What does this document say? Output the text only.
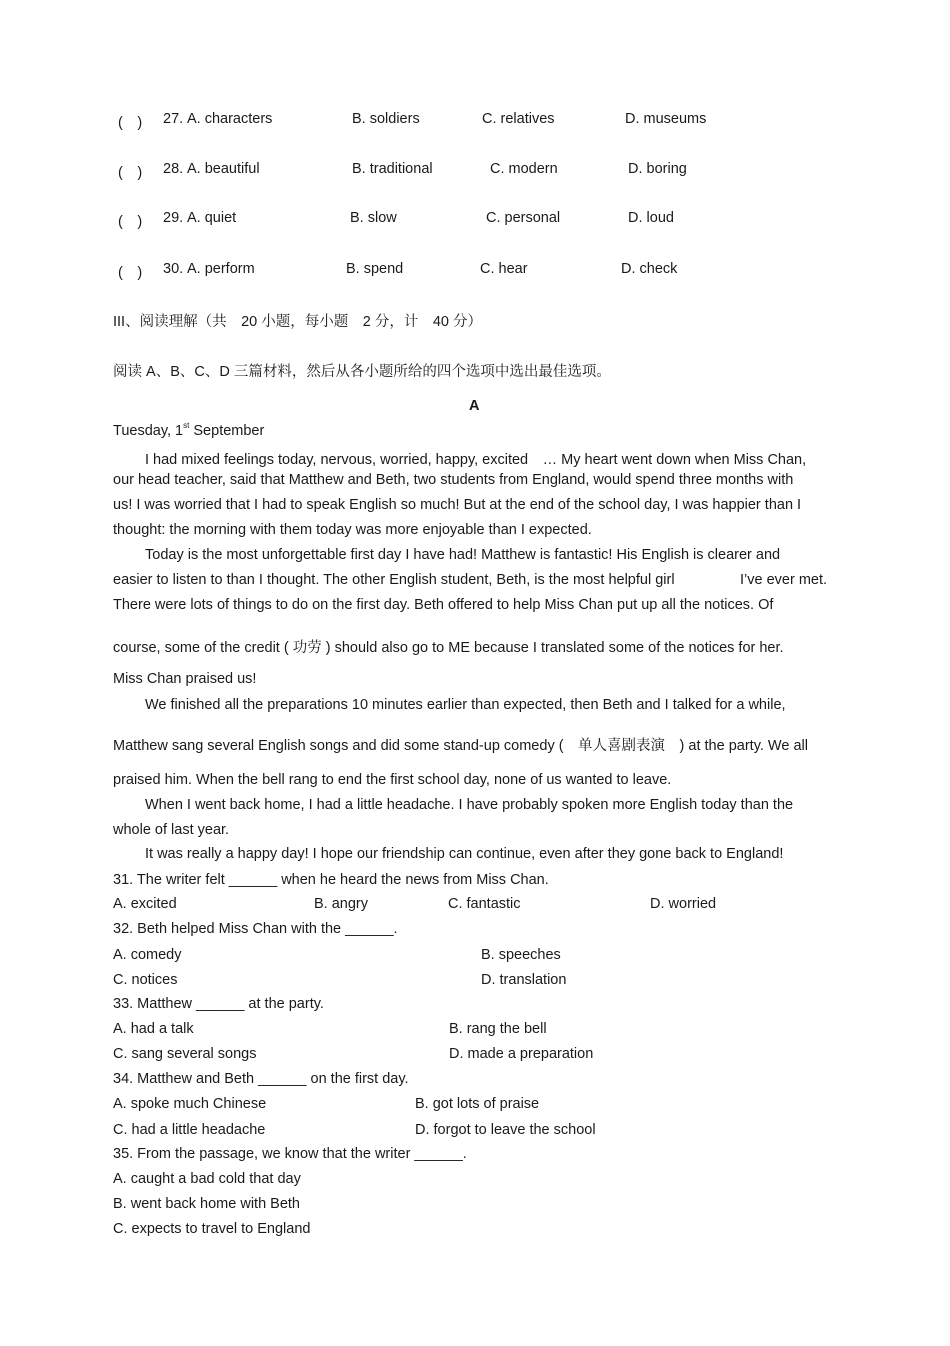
(　) 27. A. characters	B. soldiers	C. relatives	D. museums
(　) 28. A. beautiful	B. traditional	C. modern	D. boring
(　) 29. A. quiet	B. slow	C. personal	D. loud
(　) 30. A. perform	B. spend	C. hear	D. check
III、阅读理解（共　20 小题，每小题　2 分，计　40 分）
阅读 A、B、C、D 三篇材料，然后从各小题所给的四个选项中选出最佳选项。
A
Tuesday, 1st September
I had mixed feelings today, nervous, worried, happy, excited　… My heart went down when Miss Chan,
our head teacher, said that Matthew and Beth, two students from England, would spend three months with
us! I was worried that I had to speak English so much! But at the end of the school day, I was happier than I
thought: the morning with them today was more enjoyable than I expected.
Today is the most unforgettable first day I have had! Matthew is fantastic! His English is clearer and
easier to listen to than I thought. The other English student, Beth, is the most helpful girl	I’ve ever met.
There were lots of things to do on the first day. Beth offered to help Miss Chan put up all the notices. Of
course, some of the credit ( 功劳 ) should also go to ME because I translated some of the notices for her.
Miss Chan praised us!
We finished all the preparations 10 minutes earlier than expected, then Beth and I talked for a while,
Matthew sang several English songs and did some stand-up comedy (　单人喜剧表演　) at the party. We all
praised him. When the bell rang to end the first school day, none of us wanted to leave.
When I went back home, I had a little headache. I have probably spoken more English today than the
whole of last year.
It was really a happy day! I hope our friendship can continue, even after they gone back to England!
31. The writer felt ______ when he heard the news from Miss Chan.
A. excited	B. angry	C. fantastic	D. worried
32. Beth helped Miss Chan with the ______.
A. comedy	B. speeches
C. notices	D. translation
33. Matthew ______ at the party.
A. had a talk	B. rang the bell
C. sang several songs	D. made a preparation
34. Matthew and Beth ______ on the first day.
A. spoke much Chinese	B. got lots of praise
C. had a little headache	D. forgot to leave the school
35. From the passage, we know that the writer ______.
A. caught a bad cold that day
B. went back home with Beth
C. expects to travel to England
